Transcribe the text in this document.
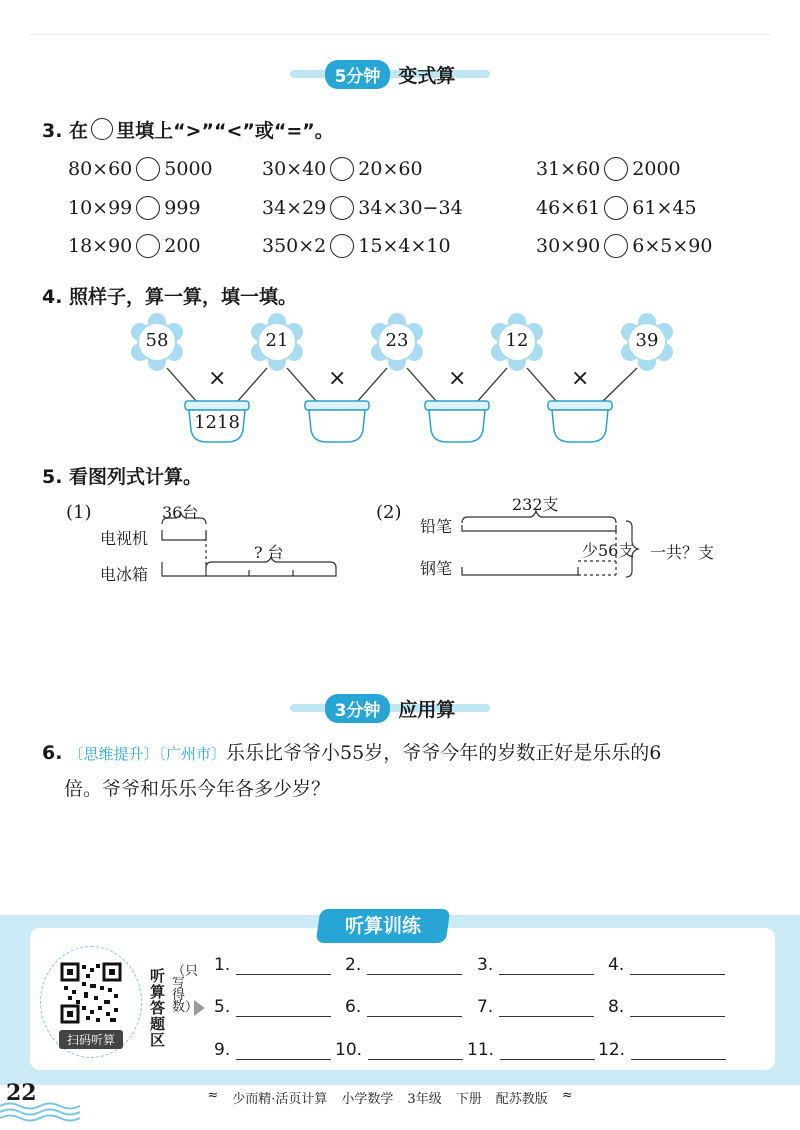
5分钟 变式算
3. 在 里填上“>”“<”或“=”。
80×60 5000	30×40 20×60	31×60 2000
10×99 999	34×29 34×30−34	46×61 61×45
18×90 200	350×2 15×4×10	30×90 6×5×90
4. 照样子，算一算，填一填。
58	21	23	12	39
×	×	×	×
1218
5. 看图列式计算。
(1)	36台
电视机
电冰箱
? 台
(2)	232支
铅笔
钢笔
少56支 一共？支
3分钟 应用算
6. 〔思维提升〕〔广州市〕乐乐比爷爷小55岁，爷爷今年的岁数正好是乐乐的6
倍。爷爷和乐乐今年各多少岁？
听算训练
扫码听算
听算答题区
（只写得数）
1.	2.	3.	4.
5.	6.	7.	8.
9.	10.	11.	12.
22	≈ 少而精·活页计算 小学数学 3年级 下册 配苏教版 ≈
